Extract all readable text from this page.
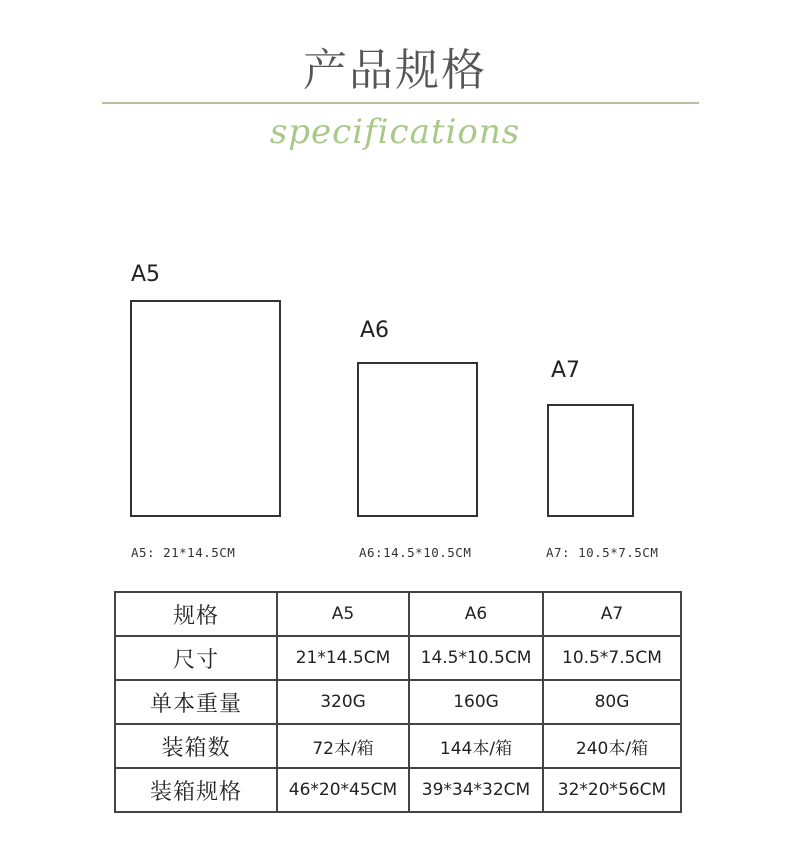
产品规格
specifications
A5
A5: 21*14.5CM
A6
A6:14.5*10.5CM
A7
A7: 10.5*7.5CM
规格	A5	A6	A7
尺寸	21*14.5CM	14.5*10.5CM	10.5*7.5CM
单本重量	320G	160G	80G
装箱数	72本/箱	144本/箱	240本/箱
装箱规格	46*20*45CM	39*34*32CM	32*20*56CM
